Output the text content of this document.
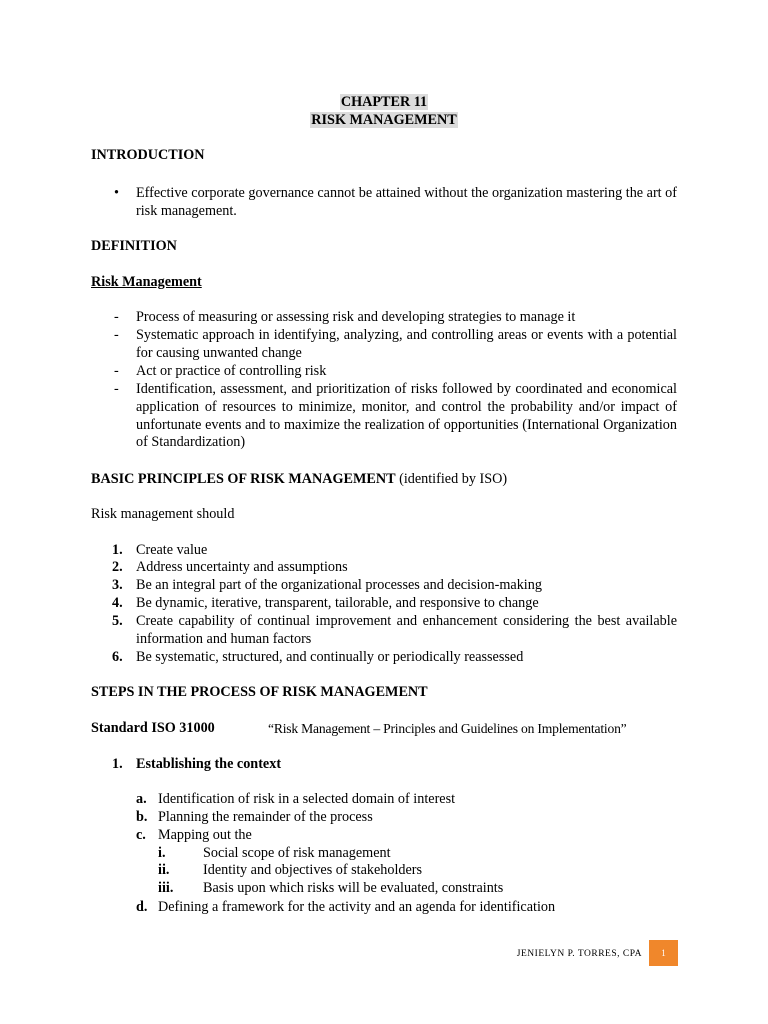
CHAPTER 11
RISK MANAGEMENT
INTRODUCTION
• Effective corporate governance cannot be attained without the organization mastering the art of risk management.
DEFINITION
Risk Management
- Process of measuring or assessing risk and developing strategies to manage it
- Systematic approach in identifying, analyzing, and controlling areas or events with a potential for causing unwanted change
- Act or practice of controlling risk
- Identification, assessment, and prioritization of risks followed by coordinated and economical application of resources to minimize, monitor, and control the probability and/or impact of unfortunate events and to maximize the realization of opportunities (International Organization of Standardization)
BASIC PRINCIPLES OF RISK MANAGEMENT (identified by ISO)
Risk management should
1. Create value
2. Address uncertainty and assumptions
3. Be an integral part of the organizational processes and decision-making
4. Be dynamic, iterative, transparent, tailorable, and responsive to change
5. Create capability of continual improvement and enhancement considering the best available information and human factors
6. Be systematic, structured, and continually or periodically reassessed
STEPS IN THE PROCESS OF RISK MANAGEMENT
Standard ISO 31000	“Risk Management – Principles and Guidelines on Implementation”
1. Establishing the context
a. Identification of risk in a selected domain of interest
b. Planning the remainder of the process
c. Mapping out the
i.	Social scope of risk management
ii. Identity and objectives of stakeholders
iii. Basis upon which risks will be evaluated, constraints
d. Defining a framework for the activity and an agenda for identification
JENIELYN P. TORRES, CPA	1
